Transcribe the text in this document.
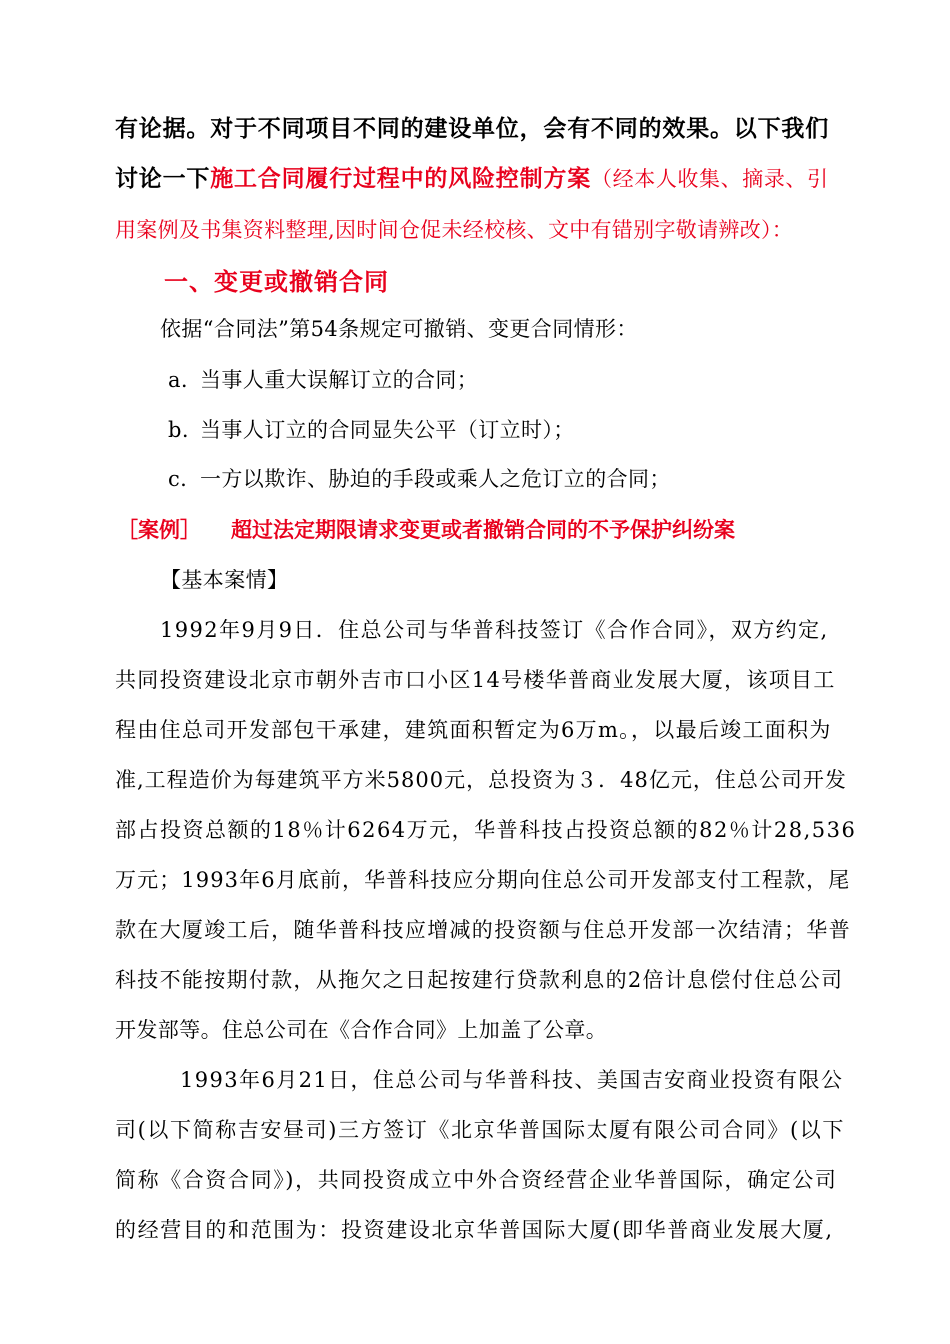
有论据。对于不同项目不同的建设单位，会有不同的效果。以下我们
讨论一下施工合同履行过程中的风险控制方案（经本人收集、摘录、引
用案例及书集资料整理,因时间仓促未经校核、文中有错别字敬请辨改）：
一、变更或撤销合同
依据“合同法”第54条规定可撤销、变更合同情形：
a. 当事人重大误解订立的合同；
b. 当事人订立的合同显失公平（订立时）；
c. 一方以欺诈、胁迫的手段或乘人之危订立的合同；
［案例］ 超过法定期限请求变更或者撤销合同的不予保护纠纷案
【基本案情】
1992年9月9日．住总公司与华普科技签订《合作合同》，双方约定,
共同投资建设北京市朝外吉市口小区14号楼华普商业发展大厦，该项目工
程由住总司开发部包干承建，建筑面积暂定为6万m。，以最后竣工面积为
准,工程造价为每建筑平方米5800元，总投资为３．48亿元，住总公司开发
部占投资总额的18％计6264万元，华普科技占投资总额的82％计28,536
万元；1993年6月底前，华普科技应分期向住总公司开发部支付工程款，尾
款在大厦竣工后，随华普科技应增减的投资额与住总开发部一次结清；华普
科技不能按期付款，从拖欠之日起按建行贷款利息的2倍计息偿付住总公司
开发部等。住总公司在《合作合同》上加盖了公章。
1993年6月21日，住总公司与华普科技、美国吉安商业投资有限公
司(以下简称吉安昼司)三方签订《北京华普国际太厦有限公司合同》(以下
简称《合资合同》)，共同投资成立中外合资经营企业华普国际，确定公司
的经营目的和范围为：投资建设北京华普国际大厦(即华普商业发展大厦,
